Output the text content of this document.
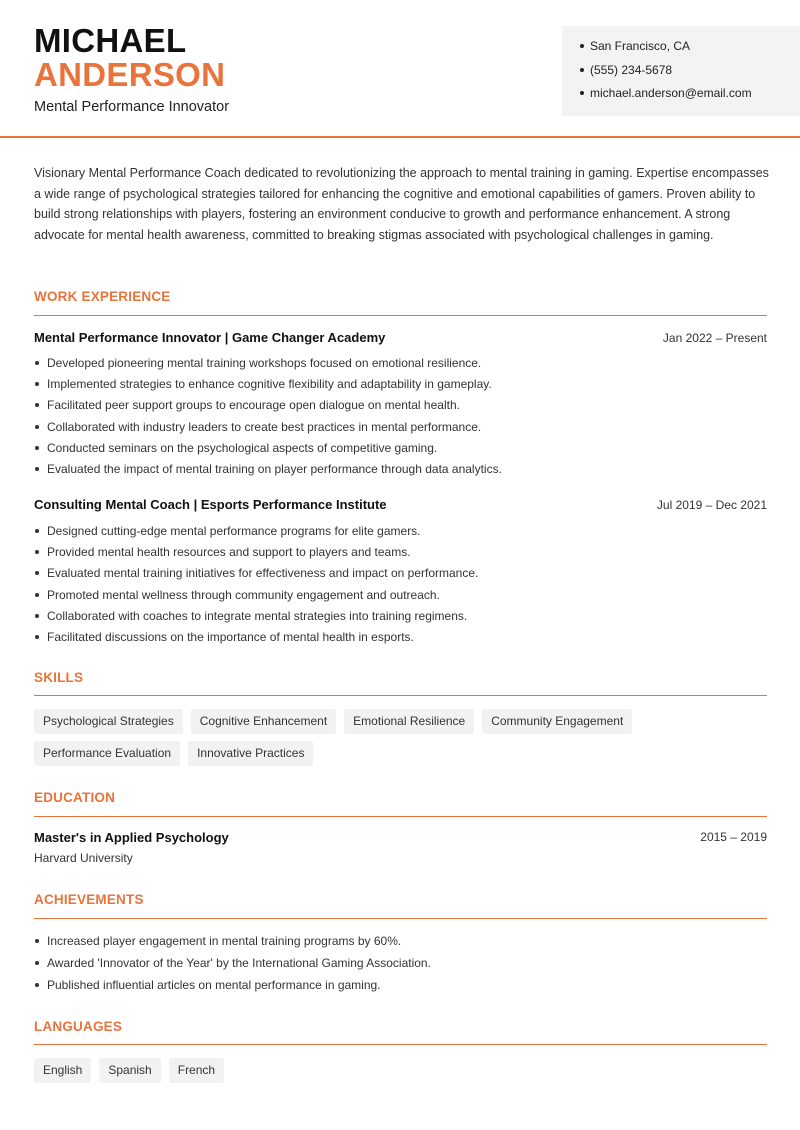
MICHAEL
ANDERSON
Mental Performance Innovator
San Francisco, CA
(555) 234-5678
michael.anderson@email.com

Visionary Mental Performance Coach dedicated to revolutionizing the approach to mental training in gaming. Expertise encompasses a wide range of psychological strategies tailored for enhancing the cognitive and emotional capabilities of gamers. Proven ability to build strong relationships with players, fostering an environment conducive to growth and performance enhancement. A strong advocate for mental health awareness, committed to breaking stigmas associated with psychological challenges in gaming.

WORK EXPERIENCE
Mental Performance Innovator | Game Changer Academy	Jan 2022 – Present
Developed pioneering mental training workshops focused on emotional resilience.
Implemented strategies to enhance cognitive flexibility and adaptability in gameplay.
Facilitated peer support groups to encourage open dialogue on mental health.
Collaborated with industry leaders to create best practices in mental performance.
Conducted seminars on the psychological aspects of competitive gaming.
Evaluated the impact of mental training on player performance through data analytics.
Consulting Mental Coach | Esports Performance Institute	Jul 2019 – Dec 2021
Designed cutting-edge mental performance programs for elite gamers.
Provided mental health resources and support to players and teams.
Evaluated mental training initiatives for effectiveness and impact on performance.
Promoted mental wellness through community engagement and outreach.
Collaborated with coaches to integrate mental strategies into training regimens.
Facilitated discussions on the importance of mental health in esports.
SKILLS
Psychological Strategies	Cognitive Enhancement	Emotional Resilience	Community Engagement
Performance Evaluation	Innovative Practices
EDUCATION
Master's in Applied Psychology
Harvard University
2015 – 2019
ACHIEVEMENTS
Increased player engagement in mental training programs by 60%.
Awarded 'Innovator of the Year' by the International Gaming Association.
Published influential articles on mental performance in gaming.
LANGUAGES
English	Spanish	French
